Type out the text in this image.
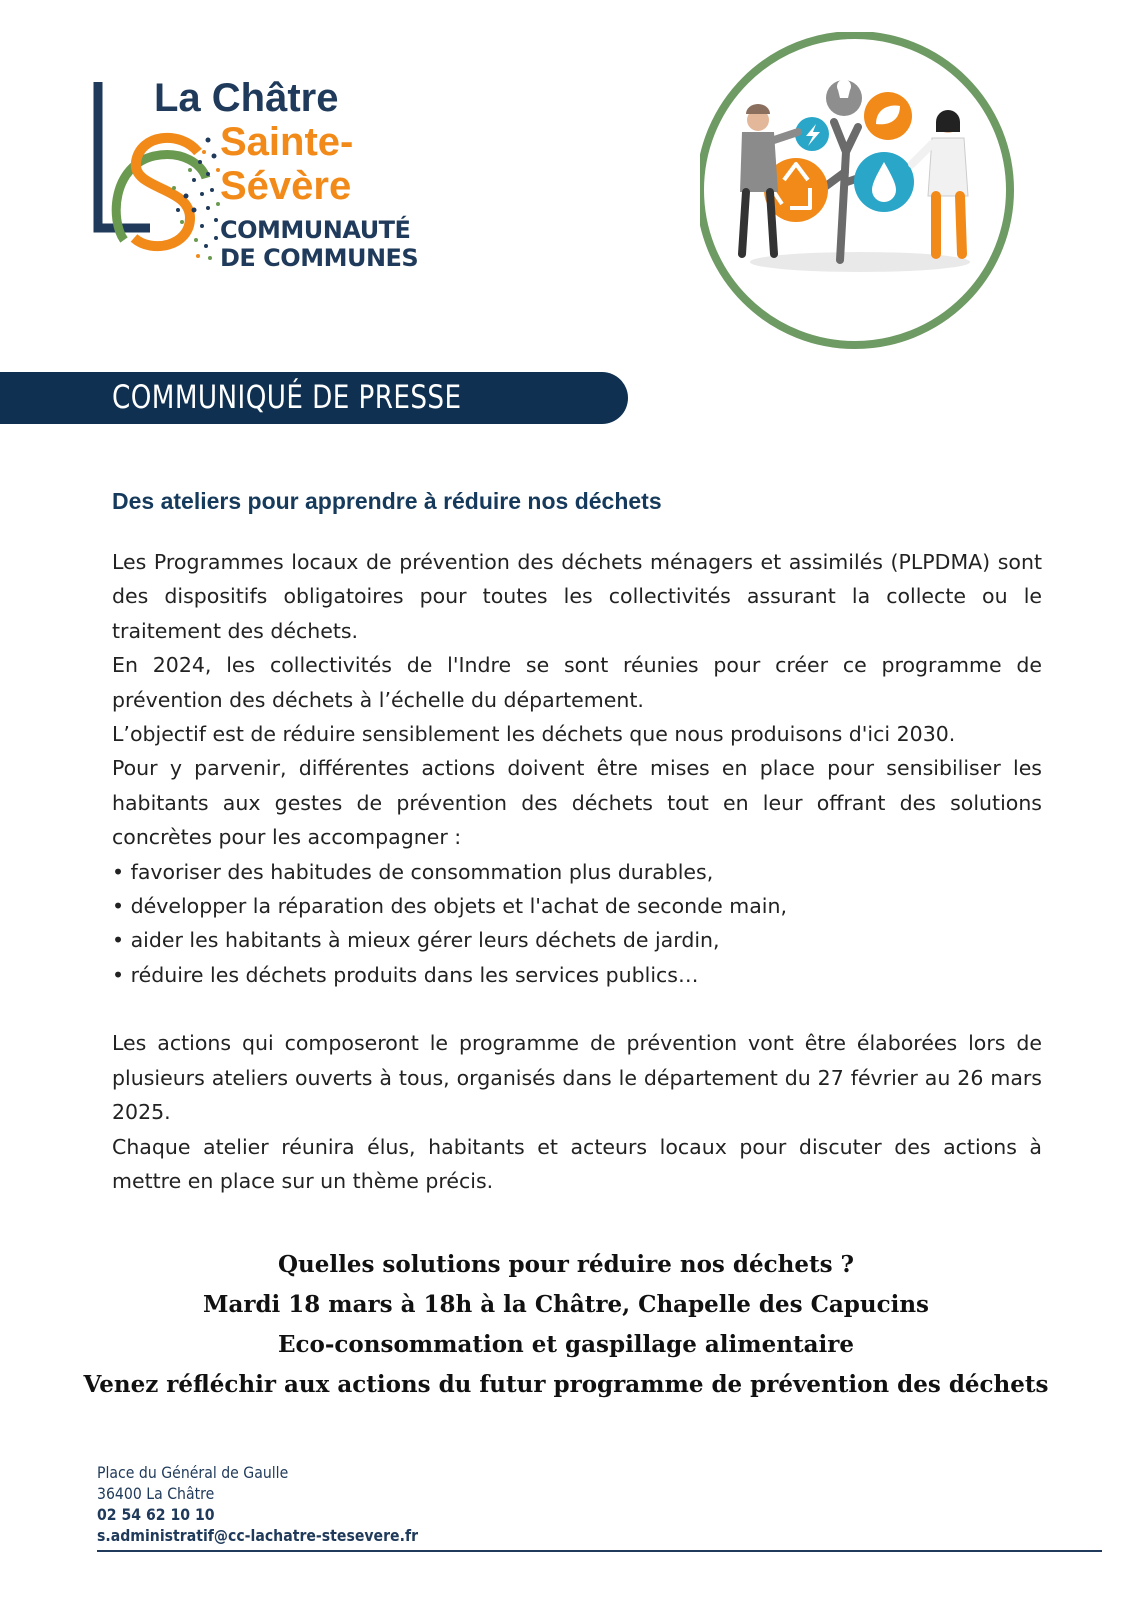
La Châtre
Sainte-
Sévère
COMMUNAUTÉ
DE COMMUNES
COMMUNIQUÉ DE PRESSE
Des ateliers pour apprendre à réduire nos déchets

Les Programmes locaux de prévention des déchets ménagers et assimilés (PLPDMA) sont des dispositifs obligatoires pour toutes les collectivités assurant la collecte ou le traitement des déchets.

En 2024, les collectivités de l'Indre se sont réunies pour créer ce programme de prévention des déchets à l’échelle du département.

L’objectif est de réduire sensiblement les déchets que nous produisons d'ici 2030.

Pour y parvenir, différentes actions doivent être mises en place pour sensibiliser les habitants aux gestes de prévention des déchets tout en leur offrant des solutions concrètes pour les accompagner :

• favoriser des habitudes de consommation plus durables,

• développer la réparation des objets et l'achat de seconde main,

• aider les habitants à mieux gérer leurs déchets de jardin,

• réduire les déchets produits dans les services publics…

Les actions qui composeront le programme de prévention vont être élaborées lors de plusieurs ateliers ouverts à tous, organisés dans le département du 27 février au 26 mars 2025.

Chaque atelier réunira élus, habitants et acteurs locaux pour discuter des actions à mettre en place sur un thème précis.

Quelles solutions pour réduire nos déchets ?
Mardi 18 mars à 18h à la Châtre, Chapelle des Capucins
Eco-consommation et gaspillage alimentaire
Venez réfléchir aux actions du futur programme de prévention des déchets
Place du Général de Gaulle
36400 La Châtre
02 54 62 10 10
s.administratif@cc-lachatre-stesevere.fr
